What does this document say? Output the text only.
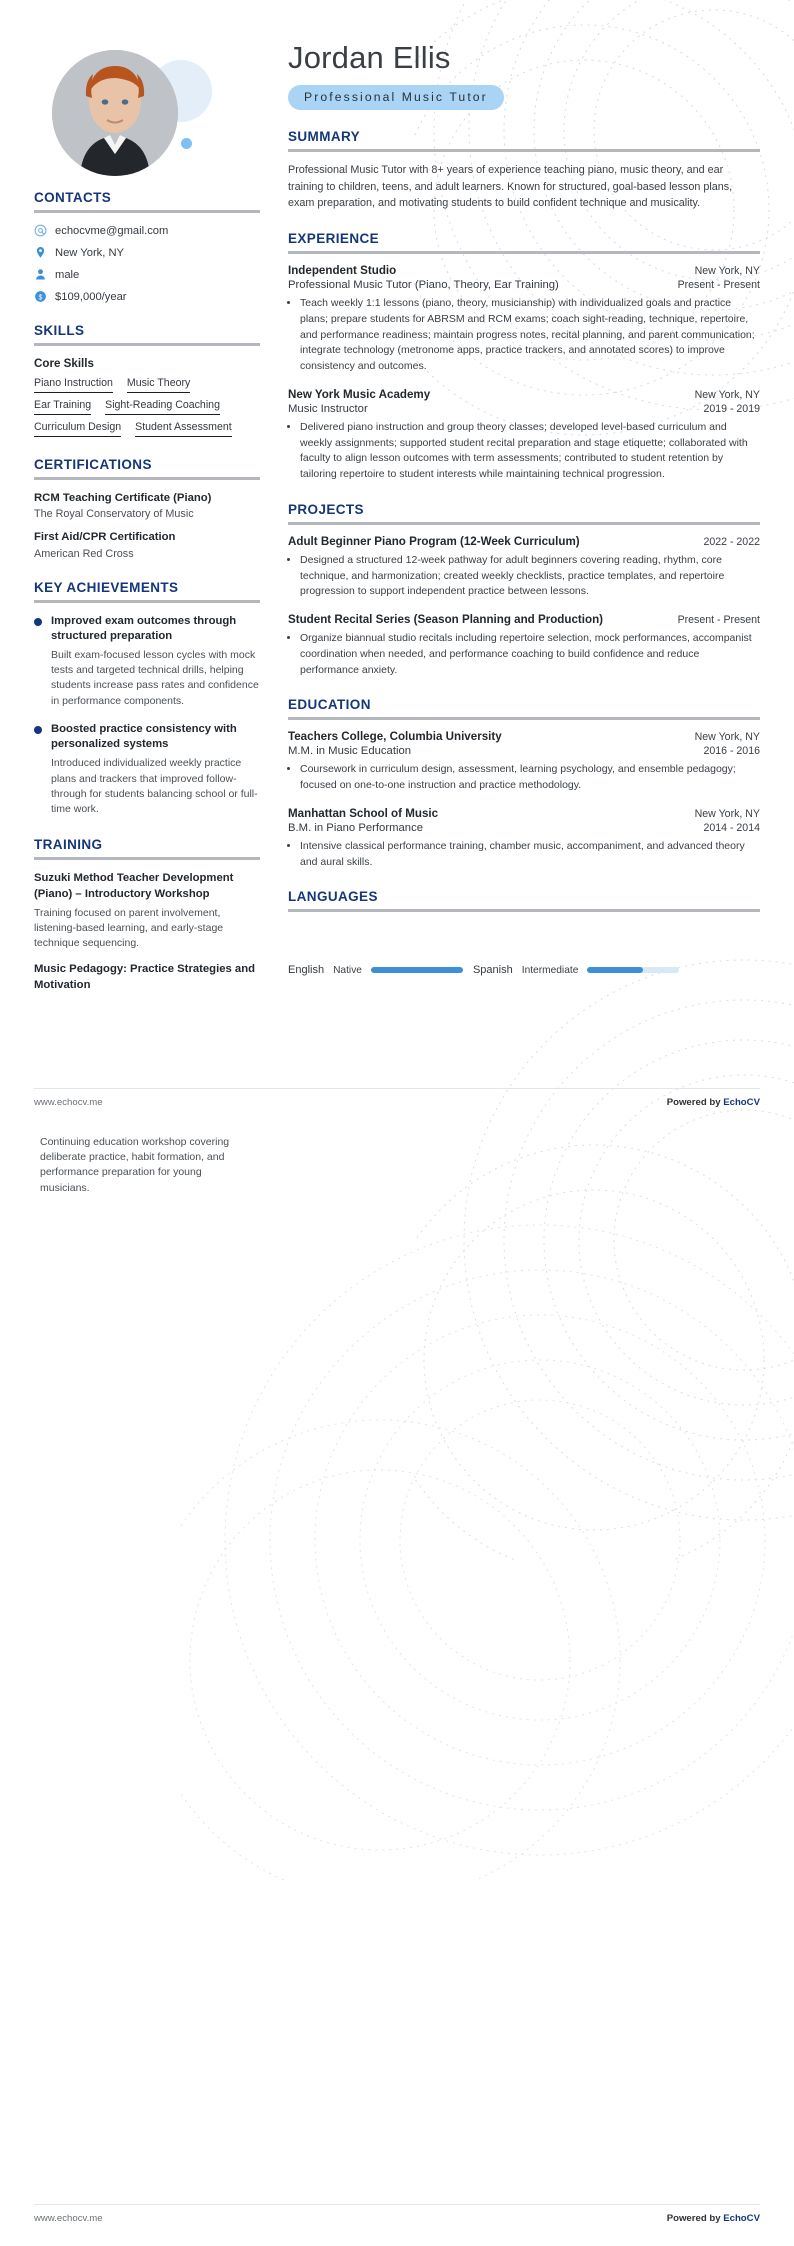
CONTACTS
echocvme@gmail.com
New York, NY
male
$ $109,000/year
SKILLS
Core Skills
Piano Instruction Music Theory
Ear Training Sight-Reading Coaching
Curriculum Design Student Assessment
CERTIFICATIONS
RCM Teaching Certificate (Piano)
The Royal Conservatory of Music
First Aid/CPR Certification
American Red Cross
KEY ACHIEVEMENTS
Improved exam outcomes through structured preparation
Built exam-focused lesson cycles with mock tests and targeted technical drills, helping students increase pass rates and confidence in performance components.
Boosted practice consistency with personalized systems
Introduced individualized weekly practice plans and trackers that improved follow-through for students balancing school or full-time work.
TRAINING
Suzuki Method Teacher Development (Piano) – Introductory Workshop
Training focused on parent involvement, listening-based learning, and early-stage technique sequencing.
Music Pedagogy: Practice Strategies and Motivation
Jordan Ellis
Professional Music Tutor
SUMMARY

Professional Music Tutor with 8+ years of experience teaching piano, music theory, and ear training to children, teens, and adult learners. Known for structured, goal-based lesson plans, exam preparation, and motivating students to build confident technique and musicality.

EXPERIENCE
Independent Studio	New York, NY
Professional Music Tutor (Piano, Theory, Ear Training)	Present - Present
• Teach weekly 1:1 lessons (piano, theory, musicianship) with individualized goals and practice plans; prepare students for ABRSM and RCM exams; coach sight-reading, technique, repertoire, and performance readiness; maintain progress notes, recital planning, and parent communication; integrate technology (metronome apps, practice trackers, and annotated scores) to improve consistency and outcomes.
New York Music Academy	New York, NY
Music Instructor	2019 - 2019
• Delivered piano instruction and group theory classes; developed level-based curriculum and weekly assignments; supported student recital preparation and stage etiquette; collaborated with faculty to align lesson outcomes with term assessments; contributed to student retention by tailoring repertoire to student interests while maintaining technical progression.
PROJECTS
Adult Beginner Piano Program (12-Week Curriculum)	2022 - 2022
• Designed a structured 12-week pathway for adult beginners covering reading, rhythm, core technique, and harmonization; created weekly checklists, practice templates, and repertoire progression to support independent practice between lessons.
Student Recital Series (Season Planning and Production)	Present - Present
• Organize biannual studio recitals including repertoire selection, mock performances, accompanist coordination when needed, and performance coaching to build confidence and reduce performance anxiety.
EDUCATION
Teachers College, Columbia University	New York, NY
M.M. in Music Education	2016 - 2016
• Coursework in curriculum design, assessment, learning psychology, and ensemble pedagogy; focused on one-to-one instruction and practice methodology.
Manhattan School of Music	New York, NY
B.M. in Piano Performance	2014 - 2014
• Intensive classical performance training, chamber music, accompaniment, and advanced theory and aural skills.
LANGUAGES
English Native	Spanish Intermediate
www.echocv.me	Powered by EchoCV
Continuing education workshop covering deliberate practice, habit formation, and performance preparation for young musicians.
www.echocv.me	Powered by EchoCV
